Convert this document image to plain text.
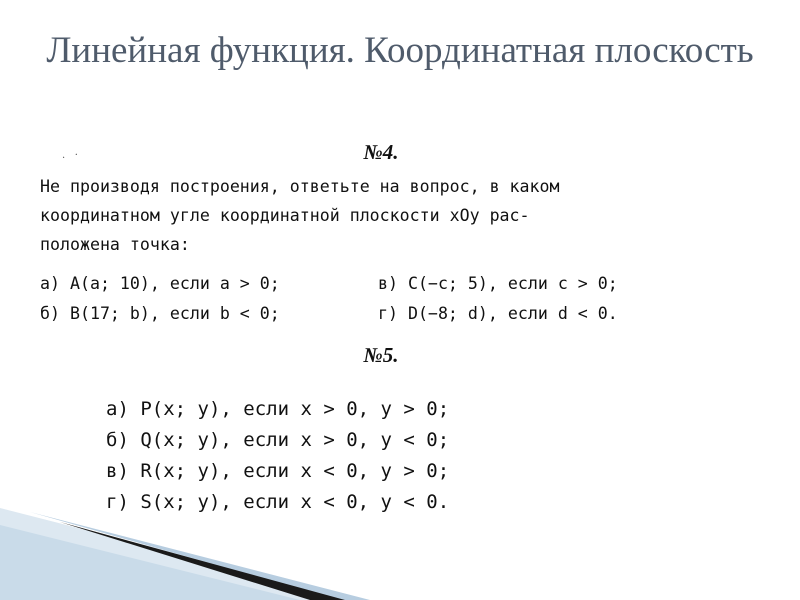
Линейная функция. Координатная плоскость
.   ·	№4.
Не производя построения, ответьте на вопрос, в каком
координатном угле координатной плоскости xOy рас-
положена точка:
а) A(a; 10), если a > 0;
б) B(17; b), если b < 0;
в) C(−c; 5), если c > 0;
г) D(−8; d), если d < 0.
№5.
а) P(x; y), если x > 0, y > 0;
б) Q(x; y), если x > 0, y < 0;
в) R(x; y), если x < 0, y > 0;
г) S(x; y), если x < 0, y < 0.
